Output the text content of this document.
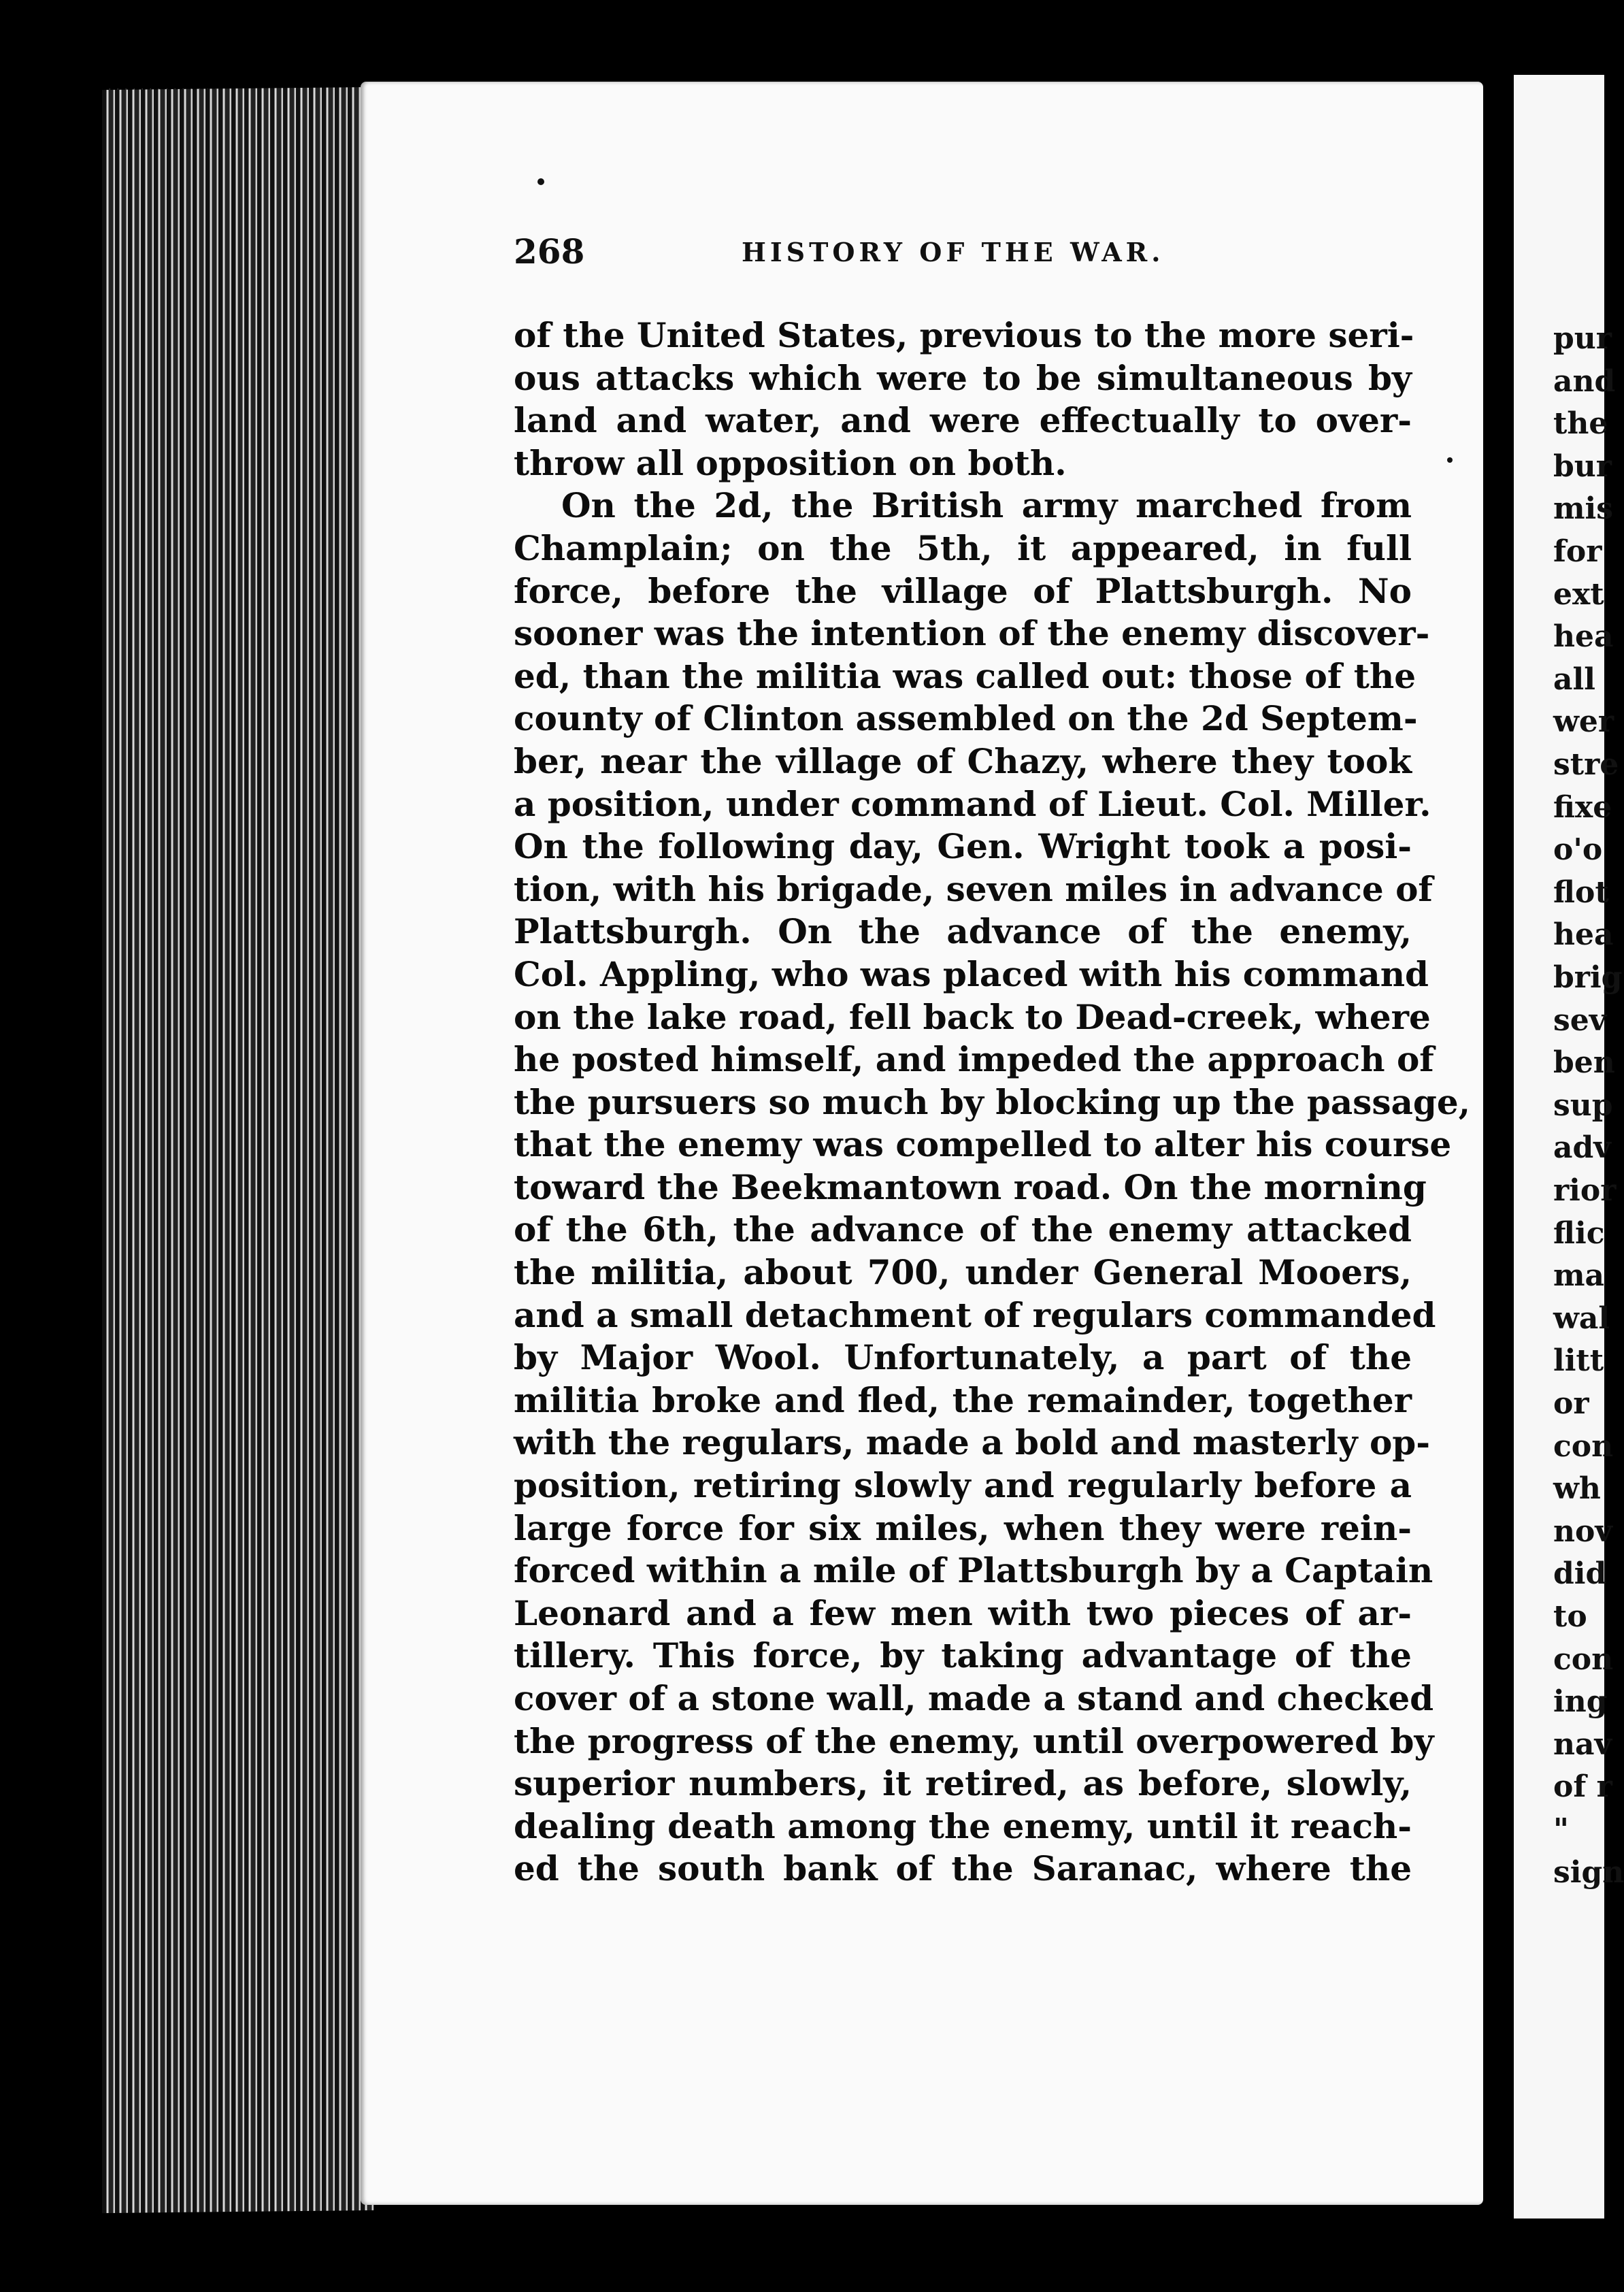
pur
and
the
bur
mis
for
ext
hea
all
wer
stre
fixe
o'o
flot
hea
brig
sev
ben
sup
adv
rior
flic
ma
wal
litt
or
con
wh
nov
did
to
con
ing
nav
of r
"
sign
268	HISTORY OF THE WAR.
of the United States, previous to the more seri-
ous attacks which were to be simultaneous by
land and water, and were effectually to over-
throw all opposition on both.
On the 2d, the British army marched from
Champlain; on the 5th, it appeared, in full
force, before the village of Plattsburgh. No
sooner was the intention of the enemy discover-
ed, than the militia was called out: those of the
county of Clinton assembled on the 2d Septem-
ber, near the village of Chazy, where they took
a position, under command of Lieut. Col. Miller.
On the following day, Gen. Wright took a posi-
tion, with his brigade, seven miles in advance of
Plattsburgh. On the advance of the enemy,
Col. Appling, who was placed with his command
on the lake road, fell back to Dead-creek, where
he posted himself, and impeded the approach of
the pursuers so much by blocking up the passage,
that the enemy was compelled to alter his course
toward the Beekmantown road. On the morning
of the 6th, the advance of the enemy attacked
the militia, about 700, under General Mooers,
and a small detachment of regulars commanded
by Major Wool. Unfortunately, a part of the
militia broke and fled, the remainder, together
with the regulars, made a bold and masterly op-
position, retiring slowly and regularly before a
large force for six miles, when they were rein-
forced within a mile of Plattsburgh by a Captain
Leonard and a few men with two pieces of ar-
tillery. This force, by taking advantage of the
cover of a stone wall, made a stand and checked
the progress of the enemy, until overpowered by
superior numbers, it retired, as before, slowly,
dealing death among the enemy, until it reach-
ed the south bank of the Saranac, where the
